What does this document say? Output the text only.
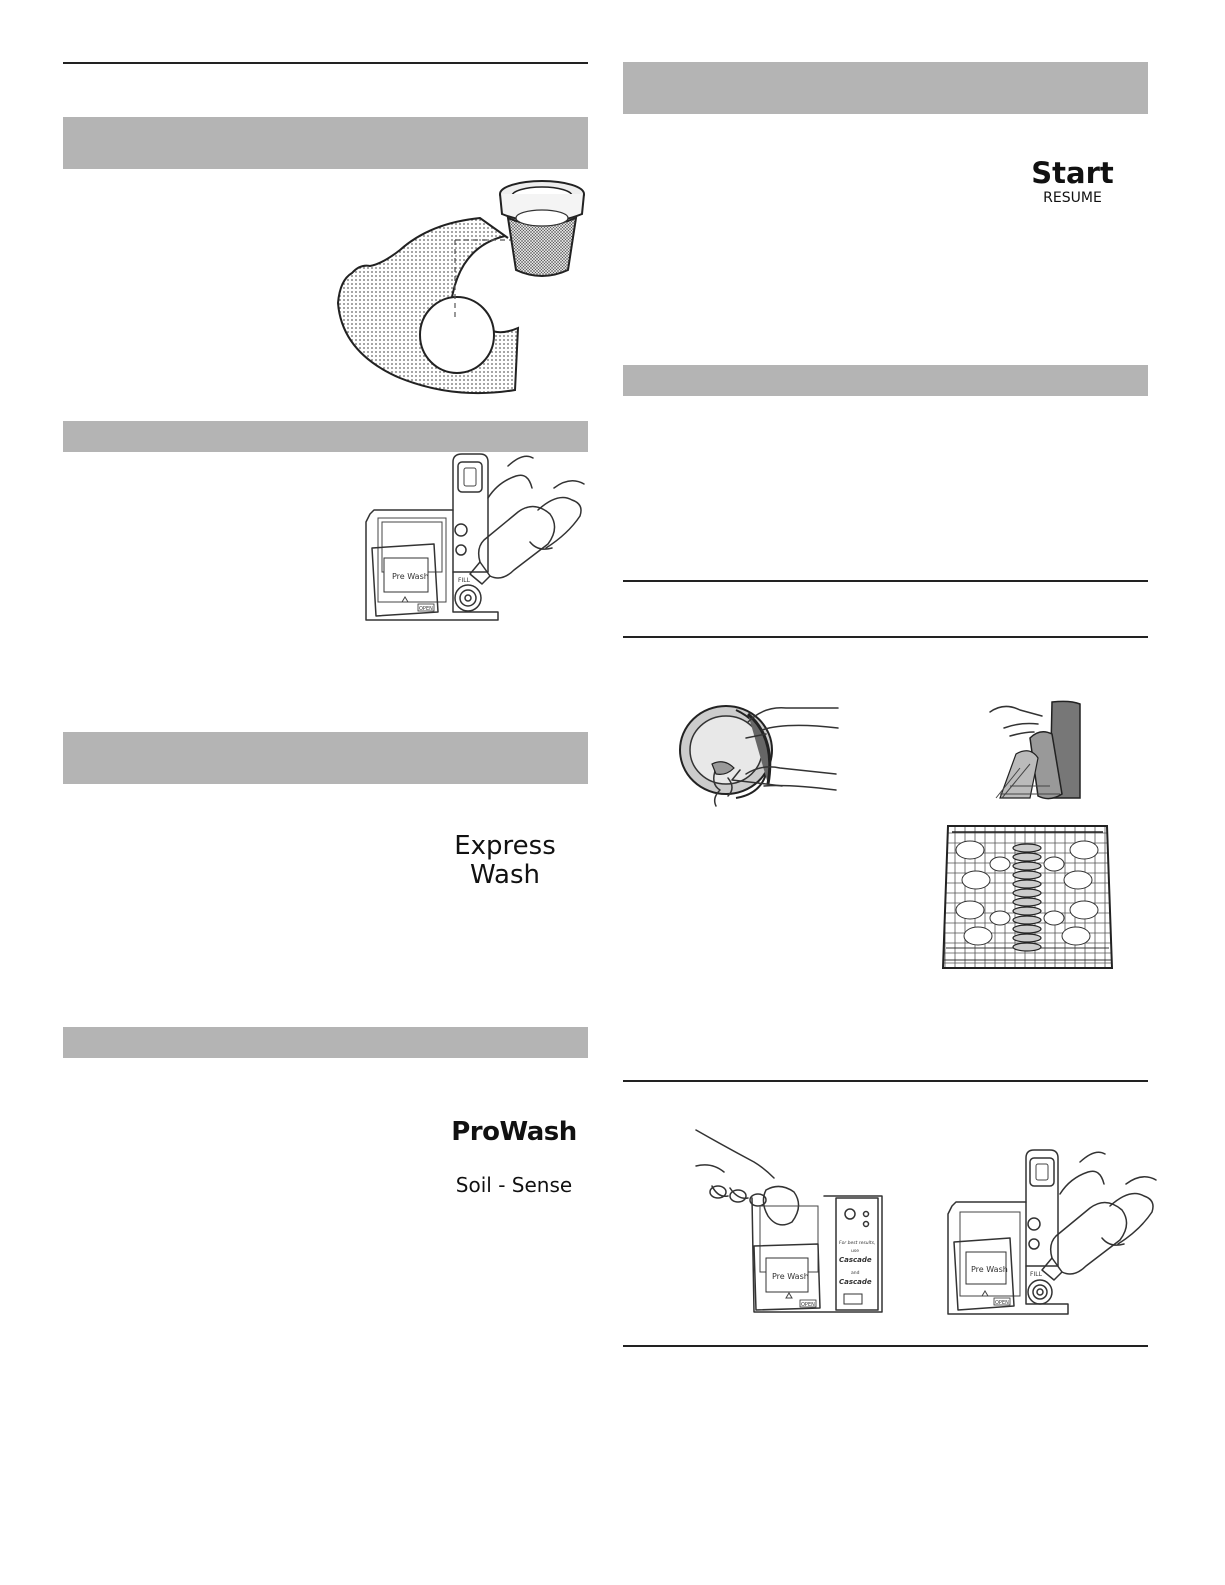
Pre Wash
OPEN
FILL
Express
Wash
ProWash
Soil - Sense
Start
RESUME
Pre Wash
OPEN
For best results,
use
Cascade
and
Cascade
Pre Wash
OPEN
FILL
